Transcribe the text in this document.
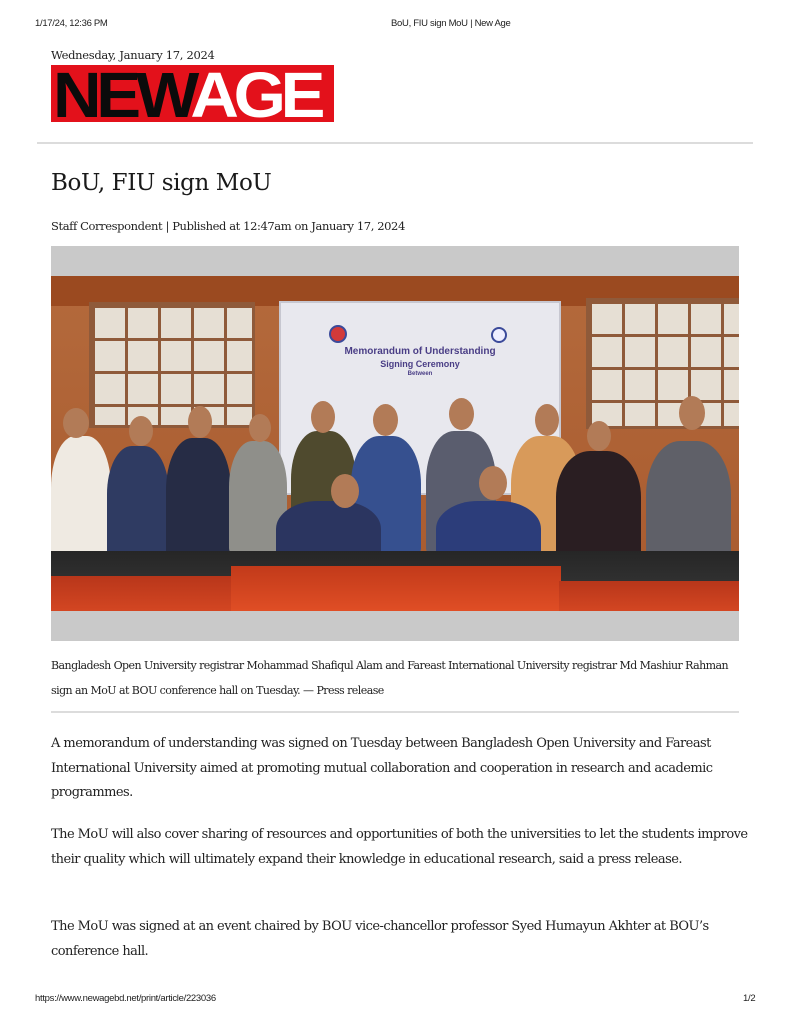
1/17/24, 12:36 PM	BoU, FIU sign MoU | New Age
Wednesday, January 17, 2024
NEWAGE
BoU, FIU sign MoU
Staff Correspondent | Published at 12:47am on January 17, 2024
Memorandum of Understanding
Signing Ceremony
Between

Bangladesh Open University registrar Mohammad Shafiqul Alam and Fareast International University registrar Md Mashiur Rahman sign an MoU at BOU conference hall on Tuesday. — Press release

A memorandum of understanding was signed on Tuesday between Bangladesh Open University and Fareast International University aimed at promoting mutual collaboration and cooperation in research and academic programmes.

The MoU will also cover sharing of resources and opportunities of both the universities to let the students improve their quality which will ultimately expand their knowledge in educational research, said a press release.

The MoU was signed at an event chaired by BOU vice-chancellor professor Syed Humayun Akhter at BOU’s conference hall.

https://www.newagebd.net/print/article/223036	1/2
